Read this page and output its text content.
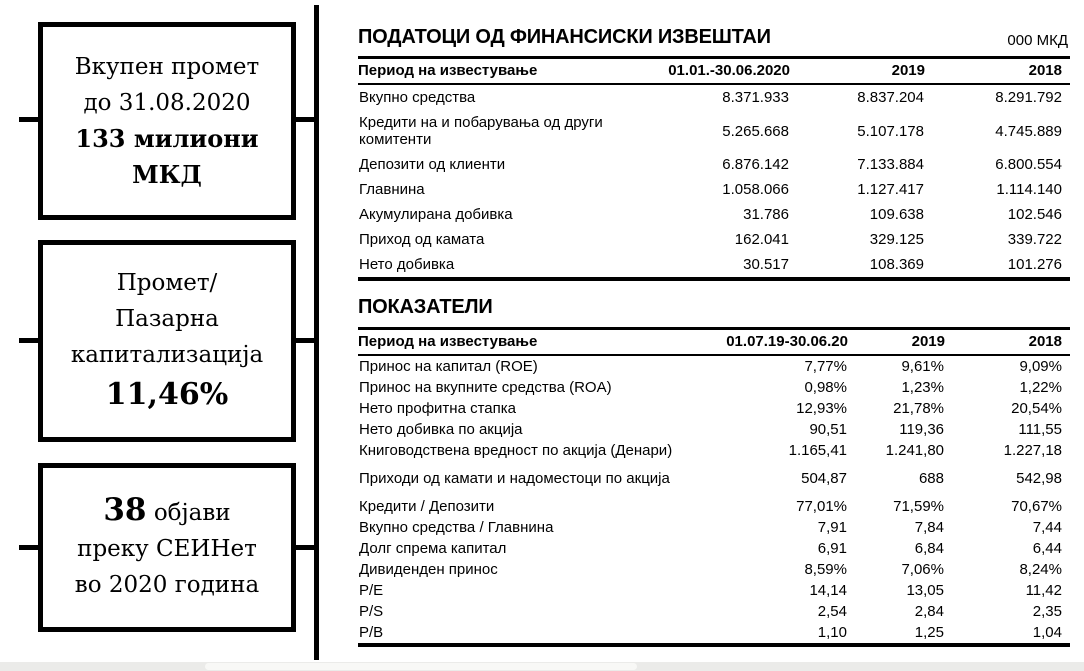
Вкупен промет
до 31.08.2020
133 милиони
МКД
Промет/
Пазарна
капитализација
11,46%
38 објави
преку СЕИНет
во 2020 година
ПОДАТОЦИ ОД ФИНАНСИСКИ ИЗВЕШТАИ	000 МКД
Период на известување	01.01.-30.06.2020	2019	2018
Вкупно средства	8.371.933	8.837.204	8.291.792
Кредити на и побарувања од други комитенти	5.265.668	5.107.178	4.745.889
Депозити од клиенти	6.876.142	7.133.884	6.800.554
Главнина	1.058.066	1.127.417	1.114.140
Акумулирана добивка	31.786	109.638	102.546
Приход од камата	162.041	329.125	339.722
Нето добивка	30.517	108.369	101.276
ПОКАЗАТЕЛИ
Период на известување	01.07.19-30.06.20	2019	2018
Принос на капитал (ROE)	7,77%	9,61%	9,09%
Принос на вкупните средства (ROA)	0,98%	1,23%	1,22%
Нето профитна стапка	12,93%	21,78%	20,54%
Нето добивка по акција	90,51	119,36	111,55
Книговодствена вредност по акција (Денари)	1.165,41	1.241,80	1.227,18
Приходи од камати и надоместоци по акција	504,87	688	542,98
Кредити / Депозити	77,01%	71,59%	70,67%
Вкупно средства / Главнина	7,91	7,84	7,44
Долг спрема капитал	6,91	6,84	6,44
Дивиденден принос	8,59%	7,06%	8,24%
P/E	14,14	13,05	11,42
P/S	2,54	2,84	2,35
P/B	1,10	1,25	1,04
